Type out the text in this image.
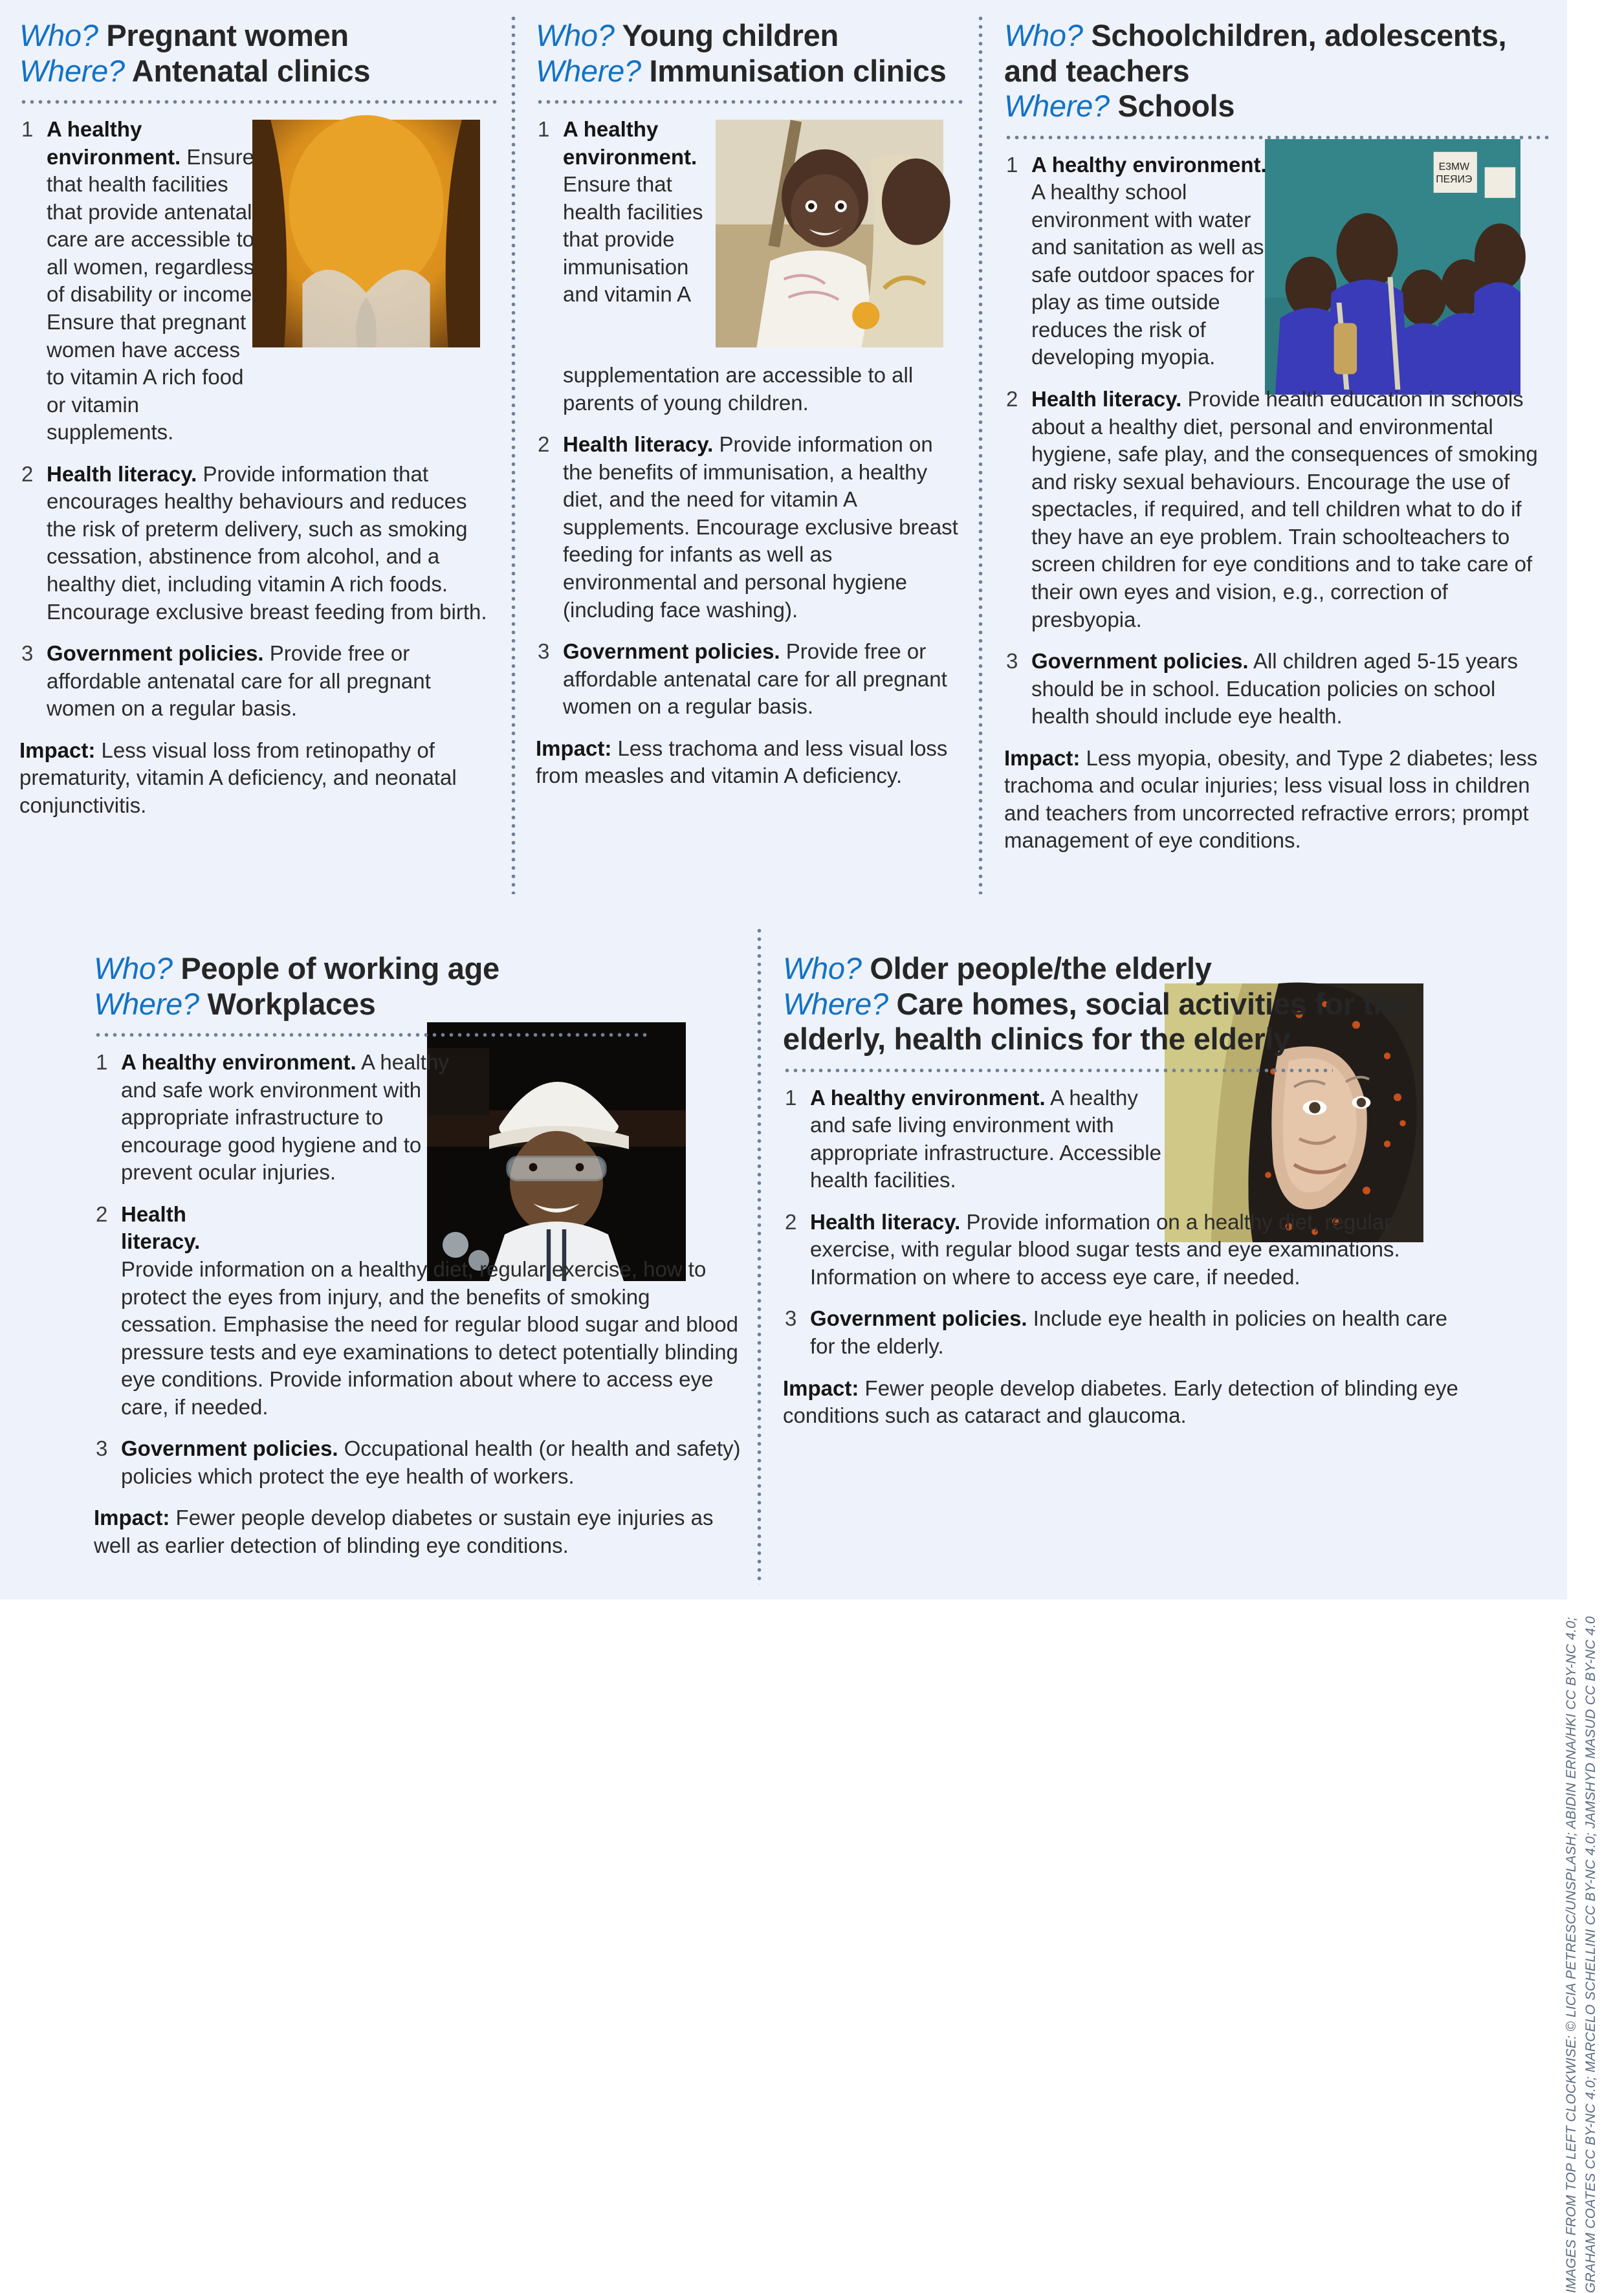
E3MW
ПЕЯИЭ
Who? Pregnant women
Where? Antenatal clinics
1 A healthy environment. Ensure that health facilities that provide antenatal care are accessible to all women, regardless of disability or income. Ensure that pregnant women have access to vitamin A rich food or vitamin supplements.
2 Health literacy. Provide information that encourages healthy behaviours and reduces the risk of preterm delivery, such as smoking cessation, abstinence from alcohol, and a healthy diet, including vitamin A rich foods. Encourage exclusive breast feeding from birth.
3 Government policies. Provide free or affordable antenatal care for all pregnant women on a regular basis.
Impact: Less visual loss from retinopathy of prematurity, vitamin A deficiency, and neonatal conjunctivitis.
Who? Young children
Where? Immunisation clinics
1 A healthy environment. Ensure that health facilities that provide immunisation and vitamin A supplementation are accessible to all parents of young children.
2 Health literacy. Provide information on the benefits of immunisation, a healthy diet, and the need for vitamin A supplements. Encourage exclusive breast feeding for infants as well as environmental and personal hygiene (including face washing).
3 Government policies. Provide free or affordable antenatal care for all pregnant women on a regular basis.
Impact: Less trachoma and less visual loss from measles and vitamin A deficiency.
Who? Schoolchildren, adolescents, and teachers
Where? Schools
1 A healthy environment. A healthy school environment with water and sanitation as well as safe outdoor spaces for play as time outside reduces the risk of developing myopia.
2 Health literacy. Provide health education in schools about a healthy diet, personal and environmental hygiene, safe play, and the consequences of smoking and risky sexual behaviours. Encourage the use of spectacles, if required, and tell children what to do if they have an eye problem. Train schoolteachers to screen children for eye conditions and to take care of their own eyes and vision, e.g., correction of presbyopia.
3 Government policies. All children aged 5-15 years should be in school. Education policies on school health should include eye health.
Impact: Less myopia, obesity, and Type 2 diabetes; less trachoma and ocular injuries; less visual loss in children and teachers from uncorrected refractive errors; prompt management of eye conditions.
Who? People of working age
Where? Workplaces
1 A healthy environment. A healthy and safe work environment with appropriate infrastructure to encourage good hygiene and to prevent ocular injuries.
2 Health literacy. Provide information on a healthy diet, regular exercise, how to protect the eyes from injury, and the benefits of smoking cessation. Emphasise the need for regular blood sugar and blood pressure tests and eye examinations to detect potentially blinding eye conditions. Provide information about where to access eye care, if needed.
3 Government policies. Occupational health (or health and safety) policies which protect the eye health of workers.
Impact: Fewer people develop diabetes or sustain eye injuries as well as earlier detection of blinding eye conditions.
Who? Older people/the elderly
Where? Care homes, social activities for the elderly, health clinics for the elderly
1 A healthy environment. A healthy and safe living environment with appropriate infrastructure. Accessible health facilities.
2 Health literacy. Provide information on a healthy diet, regular exercise, with regular blood sugar tests and eye examinations. Information on where to access eye care, if needed.
3 Government policies. Include eye health in policies on health care for the elderly.
Impact: Fewer people develop diabetes. Early detection of blinding eye conditions such as cataract and glaucoma.
IMAGES FROM TOP LEFT CLOCKWISE: © LICIA PETRESC/UNSPLASH; ABIDIN ERNA/HKI CC BY-NC 4.0; GRAHAM COATES CC BY-NC 4.0; MARCELO SCHELLINI CC BY-NC 4.0; JAMSHYD MASUD CC BY-NC 4.0
